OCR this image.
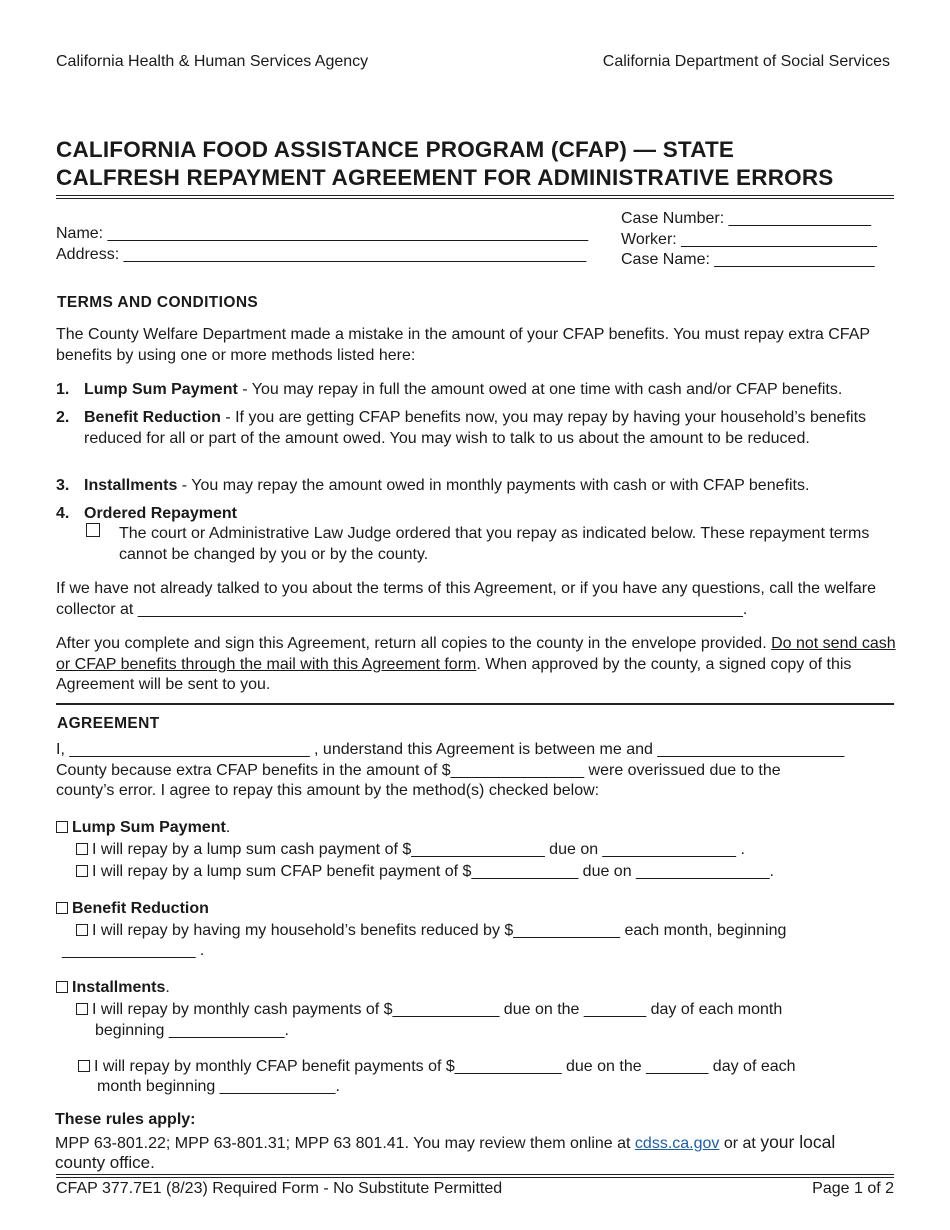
California Health & Human Services Agency	California Department of Social Services
CALIFORNIA FOOD ASSISTANCE PROGRAM (CFAP) — STATE
CALFRESH REPAYMENT AGREEMENT FOR ADMINISTRATIVE ERRORS
Name: ______________________________________________________
Address: ____________________________________________________
Case Number: ________________
Worker: ______________________
Case Name: __________________
TERMS AND CONDITIONS
The County Welfare Department made a mistake in the amount of your CFAP benefits. You must repay extra CFAP benefits by using one or more methods listed here:
1. Lump Sum Payment - You may repay in full the amount owed at one time with cash and/or CFAP benefits.
2. Benefit Reduction - If you are getting CFAP benefits now, you may repay by having your household’s benefits reduced for all or part of the amount owed. You may wish to talk to us about the amount to be reduced.
3. Installments - You may repay the amount owed in monthly payments with cash or with CFAP benefits.
4. Ordered Repayment
The court or Administrative Law Judge ordered that you repay as indicated below. These repayment terms cannot be changed by you or by the county.
If we have not already talked to you about the terms of this Agreement, or if you have any questions, call the welfare collector at ____________________________________________________________________.
After you complete and sign this Agreement, return all copies to the county in the envelope provided. Do not send cash or CFAP benefits through the mail with this Agreement form. When approved by the county, a signed copy of this Agreement will be sent to you.
AGREEMENT
I, ___________________________ , understand this Agreement is between me and _____________________
County because extra CFAP benefits in the amount of $_______________ were overissued due to the
county’s error. I agree to repay this amount by the method(s) checked below:
Lump Sum Payment.
I will repay by a lump sum cash payment of $_______________ due on _______________ .
I will repay by a lump sum CFAP benefit payment of $____________ due on _______________.
Benefit Reduction
I will repay by having my household’s benefits reduced by $____________ each month, beginning
_______________ .
Installments.
I will repay by monthly cash payments of $____________ due on the _______ day of each month
beginning _____________.
I will repay by monthly CFAP benefit payments of $____________ due on the _______ day of each
month beginning _____________.
These rules apply:
MPP 63-801.22; MPP 63-801.31; MPP 63 801.41. You may review them online at cdss.ca.gov or at your local
county office.
CFAP 377.7E1 (8/23) Required Form - No Substitute Permitted	Page 1 of 2
